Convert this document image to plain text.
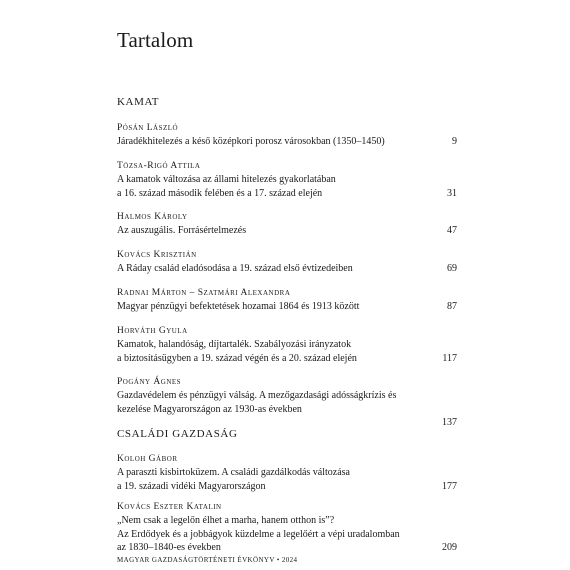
Tartalom
KAMAT
Pósán László
Járadékhitelezés a késő középkori porosz városokban (1350–1450)	9
Tözsa-Rigó Attila
A kamatok változása az állami hitelezés gyakorlatában
a 16. század második felében és a 17. század elején	31
Halmos Károly
Az auszugális. Forrásértelmezés	47
Kovács Krisztián
A Ráday család eladósodása a 19. század első évtizedeiben	69
Radnai Márton – Szatmári Alexandra
Magyar pénzügyi befektetések hozamai 1864 és 1913 között	87
Horváth Gyula
Kamatok, halandóság, díjtartalék. Szabályozási irányzatok
a biztosításügyben a 19. század végén és a 20. század elején	117
Pogány Ágnes
Gazdavédelem és pénzügyi válság. A mezőgazdasági adósságkrízis és
kezelése Magyarországon az 1930-as években
137
CSALÁDI GAZDASÁG
Koloh Gábor
A paraszti kisbirtoküzem. A családi gazdálkodás változása
a 19. századi vidéki Magyarországon	177
Kovács Eszter Katalin
„Nem csak a legelőn élhet a marha, hanem otthon is”?
Az Erdődyek és a jobbágyok küzdelme a legelőért a vépi uradalomban
az 1830–1840-es években	209
MAGYAR GAZDASÁGTÖRTÉNETI ÉVKÖNYV • 2024
